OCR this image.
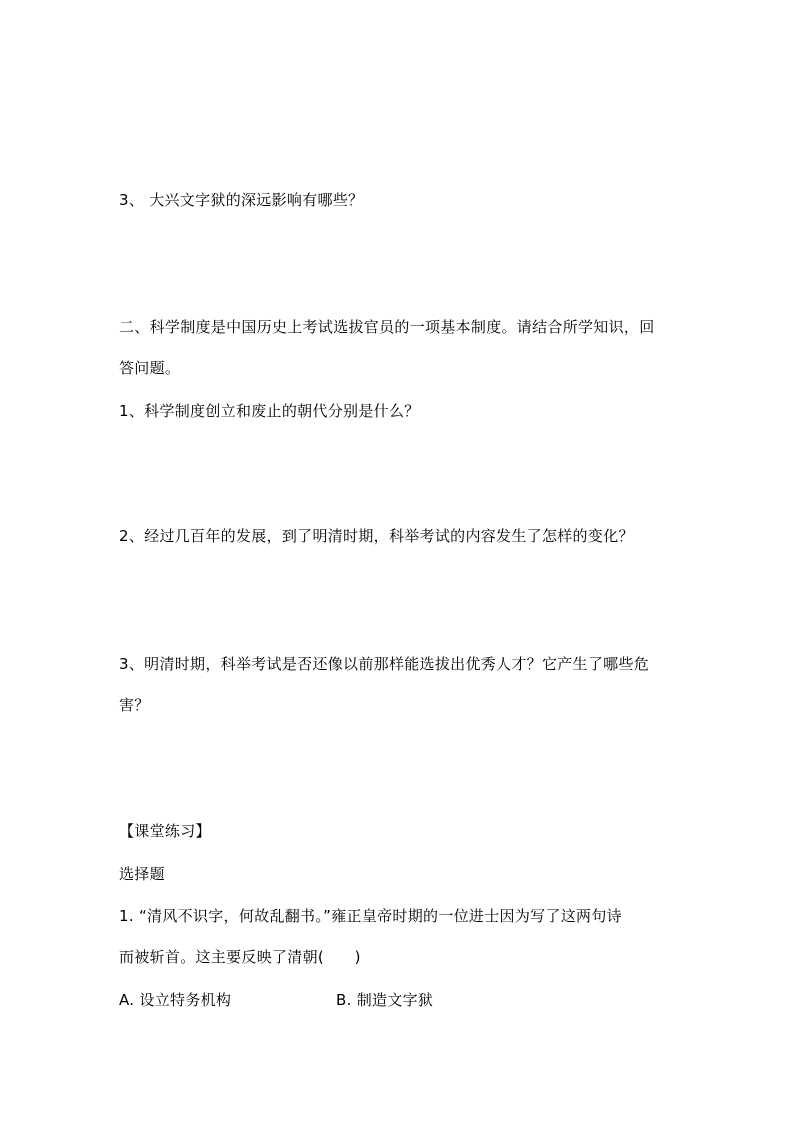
3、 大兴文字狱的深远影响有哪些？
二、科学制度是中国历史上考试选拔官员的一项基本制度。请结合所学知识，回
答问题。
1、科学制度创立和废止的朝代分别是什么？
2、经过几百年的发展，到了明清时期，科举考试的内容发生了怎样的变化？
3、明清时期，科举考试是否还像以前那样能选拔出优秀人才？它产生了哪些危
害？
【课堂练习】
选择题
1. “清风不识字，何故乱翻书。”雍正皇帝时期的一位进士因为写了这两句诗
而被斩首。这主要反映了清朝(　　)
A. 设立特务机构	B. 制造文字狱
